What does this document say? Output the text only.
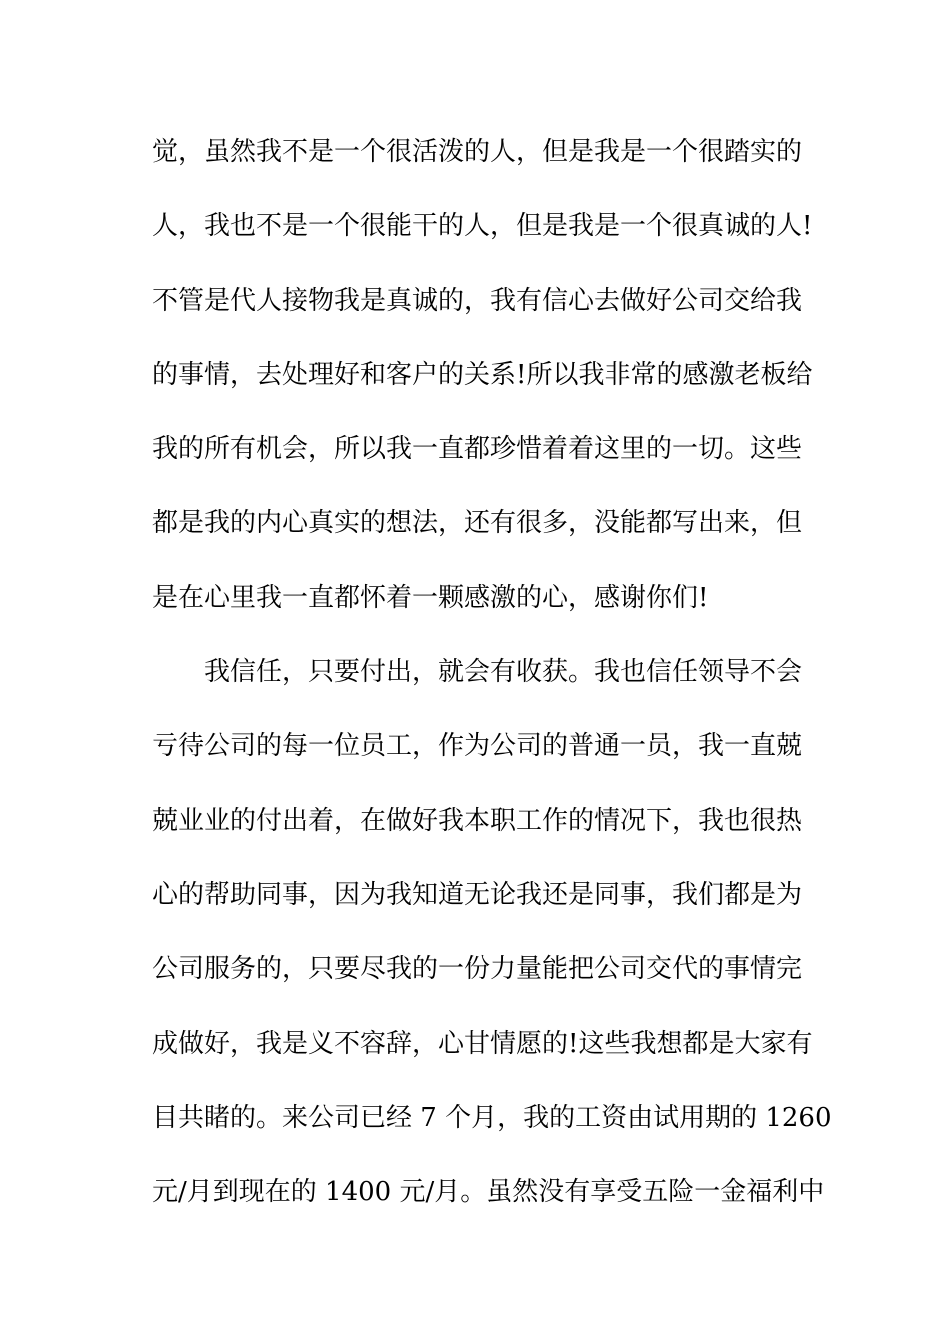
觉，虽然我不是一个很活泼的人，但是我是一个很踏实的
人，我也不是一个很能干的人，但是我是一个很真诚的人!
不管是代人接物我是真诚的，我有信心去做好公司交给我
的事情，去处理好和客户的关系!所以我非常的感激老板给
我的所有机会，所以我一直都珍惜着着这里的一切。这些
都是我的内心真实的想法，还有很多，没能都写出来，但
是在心里我一直都怀着一颗感激的心，感谢你们!
我信任，只要付出，就会有收获。我也信任领导不会
亏待公司的每一位员工，作为公司的普通一员，我一直兢
兢业业的付出着，在做好我本职工作的情况下，我也很热
心的帮助同事，因为我知道无论我还是同事，我们都是为
公司服务的，只要尽我的一份力量能把公司交代的事情完
成做好，我是义不容辞，心甘情愿的!这些我想都是大家有
目共睹的。来公司已经 7 个月，我的工资由试用期的 1260
元/月到现在的 1400 元/月。虽然没有享受五险一金福利中
